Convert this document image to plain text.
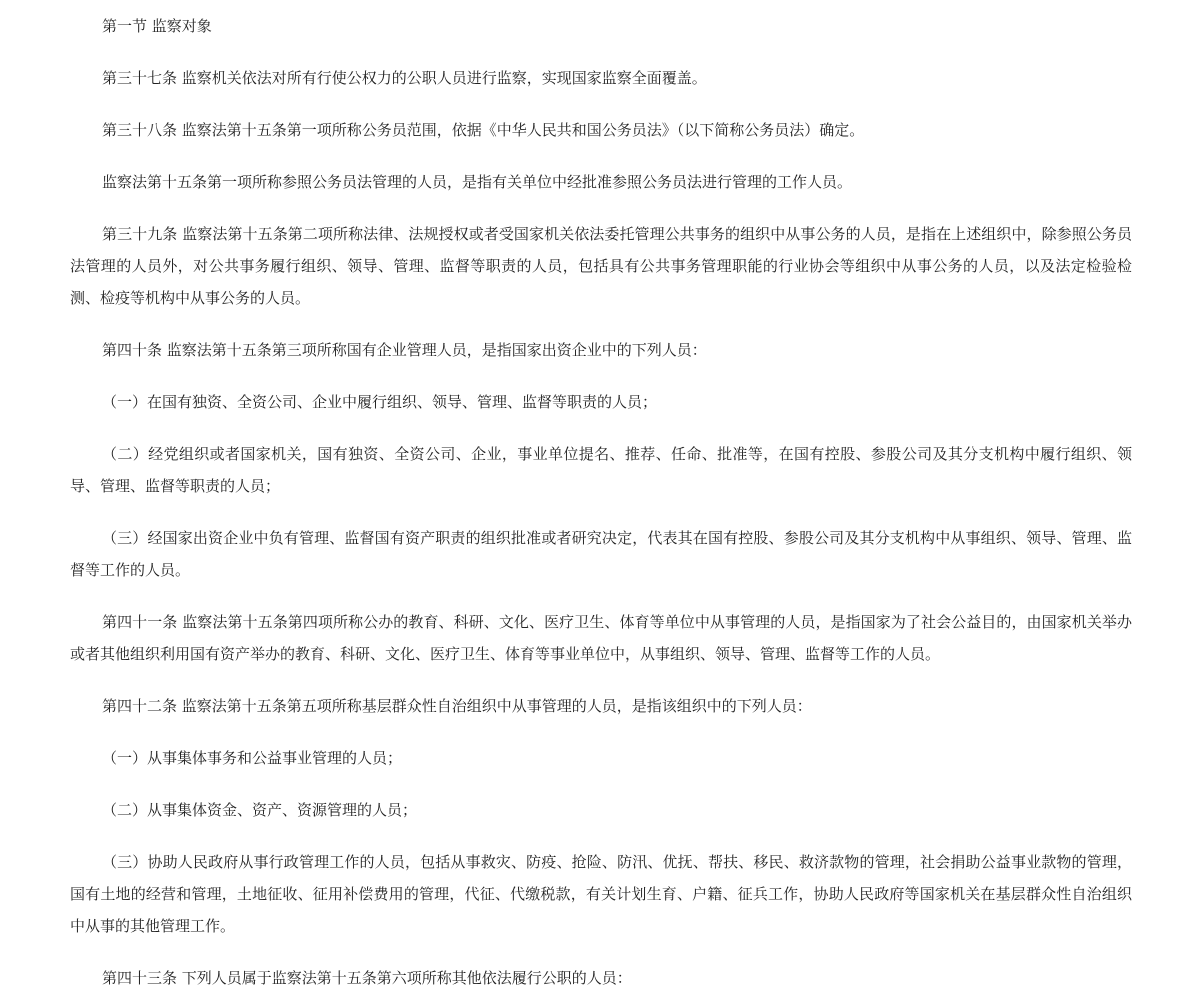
第一节 监察对象

第三十七条 监察机关依法对所有行使公权力的公职人员进行监察，实现国家监察全面覆盖。

第三十八条 监察法第十五条第一项所称公务员范围，依据《中华人民共和国公务员法》（以下简称公务员法）确定。

监察法第十五条第一项所称参照公务员法管理的人员，是指有关单位中经批准参照公务员法进行管理的工作人员。

第三十九条 监察法第十五条第二项所称法律、法规授权或者受国家机关依法委托管理公共事务的组织中从事公务的人员，是指在上述组织中，除参照公务员法管理的人员外，对公共事务履行组织、领导、管理、监督等职责的人员，包括具有公共事务管理职能的行业协会等组织中从事公务的人员，以及法定检验检测、检疫等机构中从事公务的人员。

第四十条 监察法第十五条第三项所称国有企业管理人员，是指国家出资企业中的下列人员：

（一）在国有独资、全资公司、企业中履行组织、领导、管理、监督等职责的人员；

（二）经党组织或者国家机关，国有独资、全资公司、企业，事业单位提名、推荐、任命、批准等，在国有控股、参股公司及其分支机构中履行组织、领导、管理、监督等职责的人员；

（三）经国家出资企业中负有管理、监督国有资产职责的组织批准或者研究决定，代表其在国有控股、参股公司及其分支机构中从事组织、领导、管理、监督等工作的人员。

第四十一条 监察法第十五条第四项所称公办的教育、科研、文化、医疗卫生、体育等单位中从事管理的人员，是指国家为了社会公益目的，由国家机关举办或者其他组织利用国有资产举办的教育、科研、文化、医疗卫生、体育等事业单位中，从事组织、领导、管理、监督等工作的人员。

第四十二条 监察法第十五条第五项所称基层群众性自治组织中从事管理的人员，是指该组织中的下列人员：

（一）从事集体事务和公益事业管理的人员；

（二）从事集体资金、资产、资源管理的人员；

（三）协助人民政府从事行政管理工作的人员，包括从事救灾、防疫、抢险、防汛、优抚、帮扶、移民、救济款物的管理，社会捐助公益事业款物的管理，国有土地的经营和管理，土地征收、征用补偿费用的管理，代征、代缴税款，有关计划生育、户籍、征兵工作，协助人民政府等国家机关在基层群众性自治组织中从事的其他管理工作。

第四十三条 下列人员属于监察法第十五条第六项所称其他依法履行公职的人员：
